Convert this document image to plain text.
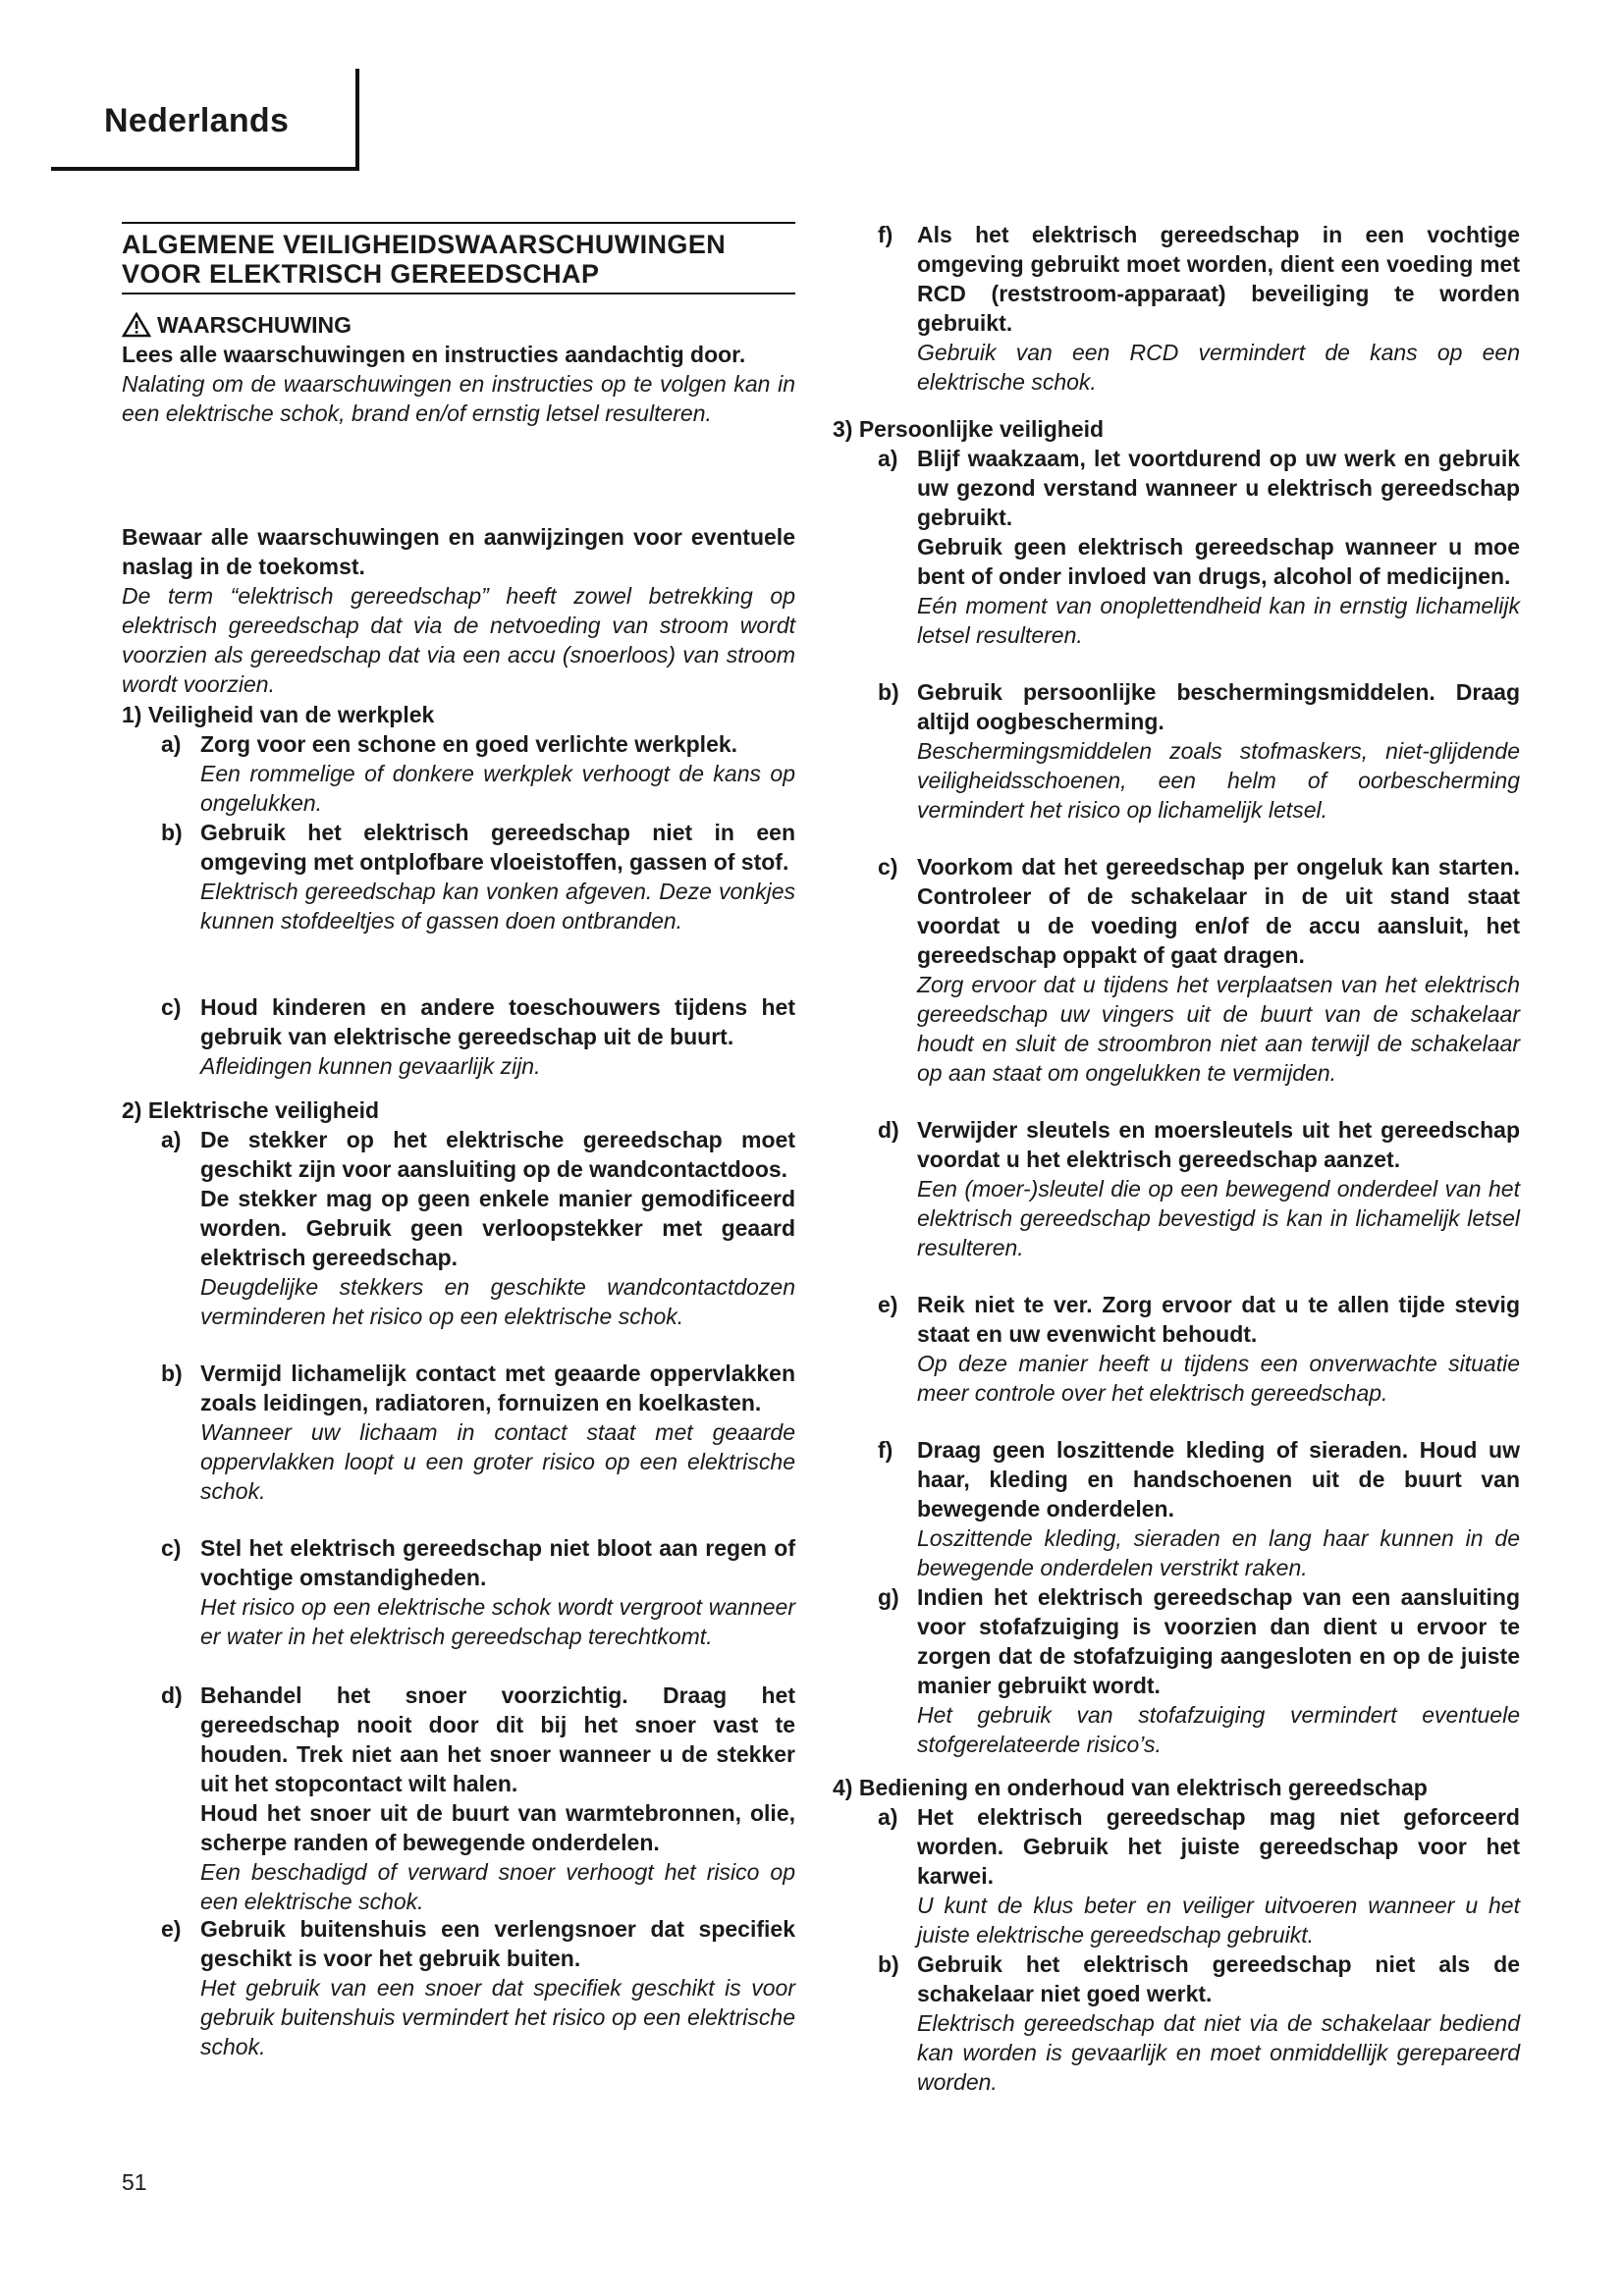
Nederlands
ALGEMENE VEILIGHEIDSWAARSCHUWINGEN
VOOR ELEKTRISCH GEREEDSCHAP
WAARSCHUWING
Lees alle waarschuwingen en instructies aandachtig door.
Nalating om de waarschuwingen en instructies op te volgen kan in een elektrische schok, brand en/of ernstig letsel resulteren.
Bewaar alle waarschuwingen en aanwijzingen voor eventuele naslag in de toekomst.
De term “elektrisch gereedschap” heeft zowel betrekking op elektrisch gereedschap dat via de netvoeding van stroom wordt voorzien als gereedschap dat via een accu (snoerloos) van stroom wordt voorzien.
1) Veiligheid van de werkplek
a) Zorg voor een schone en goed verlichte werkplek.
Een rommelige of donkere werkplek verhoogt de kans op ongelukken.
b) Gebruik het elektrisch gereedschap niet in een omgeving met ontplofbare vloeistoffen, gassen of stof.
Elektrisch gereedschap kan vonken afgeven. Deze vonkjes kunnen stofdeeltjes of gassen doen ontbranden.
c) Houd kinderen en andere toeschouwers tijdens het gebruik van elektrische gereedschap uit de buurt.
Afleidingen kunnen gevaarlijk zijn.
2) Elektrische veiligheid
a) De stekker op het elektrische gereedschap moet geschikt zijn voor aansluiting op de wandcontactdoos.
De stekker mag op geen enkele manier gemodificeerd worden. Gebruik geen verloopstekker met geaard elektrisch gereedschap.
Deugdelijke stekkers en geschikte wandcontactdozen verminderen het risico op een elektrische schok.
b) Vermijd lichamelijk contact met geaarde oppervlakken zoals leidingen, radiatoren, fornuizen en koelkasten.
Wanneer uw lichaam in contact staat met geaarde oppervlakken loopt u een groter risico op een elektrische schok.
c) Stel het elektrisch gereedschap niet bloot aan regen of vochtige omstandigheden.
Het risico op een elektrische schok wordt vergroot wanneer er water in het elektrisch gereedschap terechtkomt.
d) Behandel het snoer voorzichtig. Draag het gereedschap nooit door dit bij het snoer vast te houden. Trek niet aan het snoer wanneer u de stekker uit het stopcontact wilt halen.
Houd het snoer uit de buurt van warmtebronnen, olie, scherpe randen of bewegende onderdelen.
Een beschadigd of verward snoer verhoogt het risico op een elektrische schok.
e) Gebruik buitenshuis een verlengsnoer dat specifiek geschikt is voor het gebruik buiten.
Het gebruik van een snoer dat specifiek geschikt is voor gebruik buitenshuis vermindert het risico op een elektrische schok.
f) Als het elektrisch gereedschap in een vochtige omgeving gebruikt moet worden, dient een voeding met RCD (reststroom-apparaat) beveiliging te worden gebruikt.
Gebruik van een RCD vermindert de kans op een elektrische schok.
3) Persoonlijke veiligheid
a) Blijf waakzaam, let voortdurend op uw werk en gebruik uw gezond verstand wanneer u elektrisch gereedschap gebruikt.
Gebruik geen elektrisch gereedschap wanneer u moe bent of onder invloed van drugs, alcohol of medicijnen.
Eén moment van onoplettendheid kan in ernstig lichamelijk letsel resulteren.
b) Gebruik persoonlijke beschermingsmiddelen. Draag altijd oogbescherming.
Beschermingsmiddelen zoals stofmaskers, niet-glijdende veiligheidsschoenen, een helm of oorbescherming vermindert het risico op lichamelijk letsel.
c) Voorkom dat het gereedschap per ongeluk kan starten. Controleer of de schakelaar in de uit stand staat voordat u de voeding en/of de accu aansluit, het gereedschap oppakt of gaat dragen.
Zorg ervoor dat u tijdens het verplaatsen van het elektrisch gereedschap uw vingers uit de buurt van de schakelaar houdt en sluit de stroombron niet aan terwijl de schakelaar op aan staat om ongelukken te vermijden.
d) Verwijder sleutels en moersleutels uit het gereedschap voordat u het elektrisch gereedschap aanzet.
Een (moer-)sleutel die op een bewegend onderdeel van het elektrisch gereedschap bevestigd is kan in lichamelijk letsel resulteren.
e) Reik niet te ver. Zorg ervoor dat u te allen tijde stevig staat en uw evenwicht behoudt.
Op deze manier heeft u tijdens een onverwachte situatie meer controle over het elektrisch gereedschap.
f) Draag geen loszittende kleding of sieraden. Houd uw haar, kleding en handschoenen uit de buurt van bewegende onderdelen.
Loszittende kleding, sieraden en lang haar kunnen in de bewegende onderdelen verstrikt raken.
g) Indien het elektrisch gereedschap van een aansluiting voor stofafzuiging is voorzien dan dient u ervoor te zorgen dat de stofafzuiging aangesloten en op de juiste manier gebruikt wordt.
Het gebruik van stofafzuiging vermindert eventuele stofgerelateerde risico’s.
4) Bediening en onderhoud van elektrisch gereedschap
a) Het elektrisch gereedschap mag niet geforceerd worden. Gebruik het juiste gereedschap voor het karwei.
U kunt de klus beter en veiliger uitvoeren wanneer u het juiste elektrische gereedschap gebruikt.
b) Gebruik het elektrisch gereedschap niet als de schakelaar niet goed werkt.
Elektrisch gereedschap dat niet via de schakelaar bediend kan worden is gevaarlijk en moet onmiddellijk gerepareerd worden.
51
